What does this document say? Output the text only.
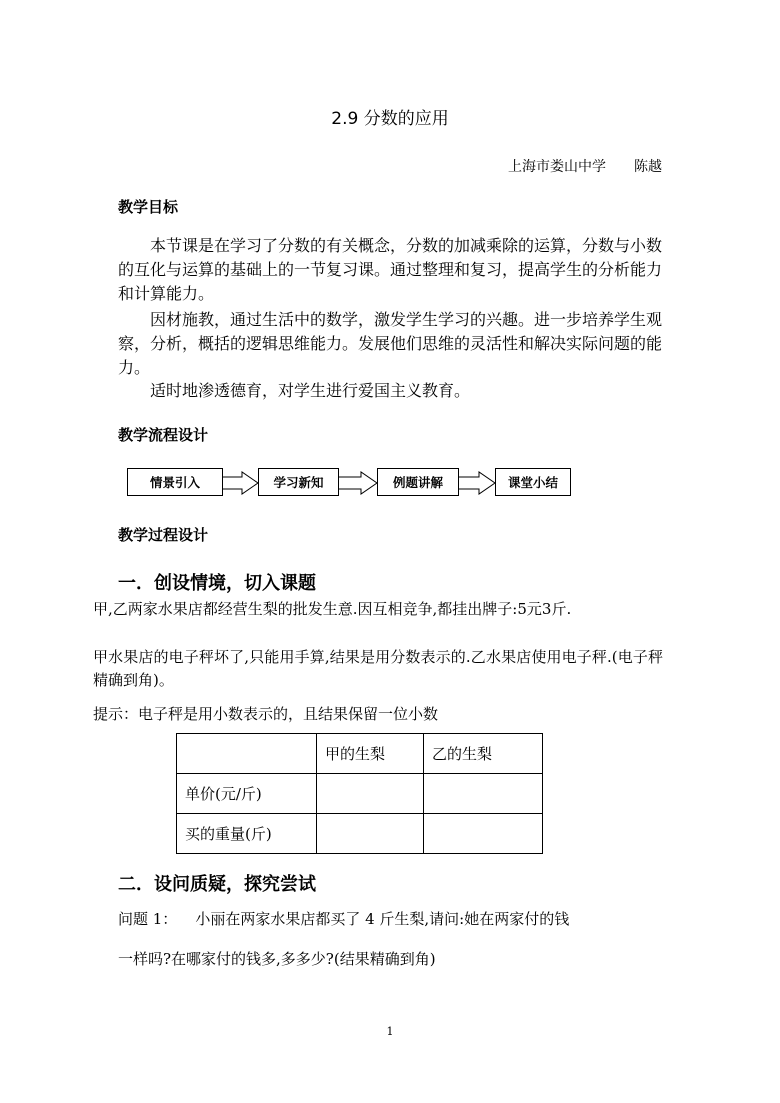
2.9 分数的应用
上海市娄山中学　　陈越
教学目标
本节课是在学习了分数的有关概念，分数的加减乘除的运算，分数与小数的互化与运算的基础上的一节复习课。通过整理和复习，提高学生的分析能力和计算能力。
因材施教，通过生活中的数学，激发学生学习的兴趣。进一步培养学生观察，分析，概括的逻辑思维能力。发展他们思维的灵活性和解决实际问题的能力。
适时地渗透德育，对学生进行爱国主义教育。
教学流程设计
情景引入	学习新知	例题讲解	课堂小结
教学过程设计
一．创设情境，切入课题
甲,乙两家水果店都经营生梨的批发生意.因互相竞争,都挂出牌子:5元3斤.
甲水果店的电子秤坏了,只能用手算,结果是用分数表示的.乙水果店使用电子秤.(电子秤精确到角)。
提示：电子秤是用小数表示的，且结果保留一位小数
	甲的生梨	乙的生梨
单价(元/斤)		
买的重量(斤)		
二．设问质疑，探究尝试
问题 1： 小丽在两家水果店都买了 4 斤生梨,请问:她在两家付的钱
一样吗?在哪家付的钱多,多多少?(结果精确到角)
1
